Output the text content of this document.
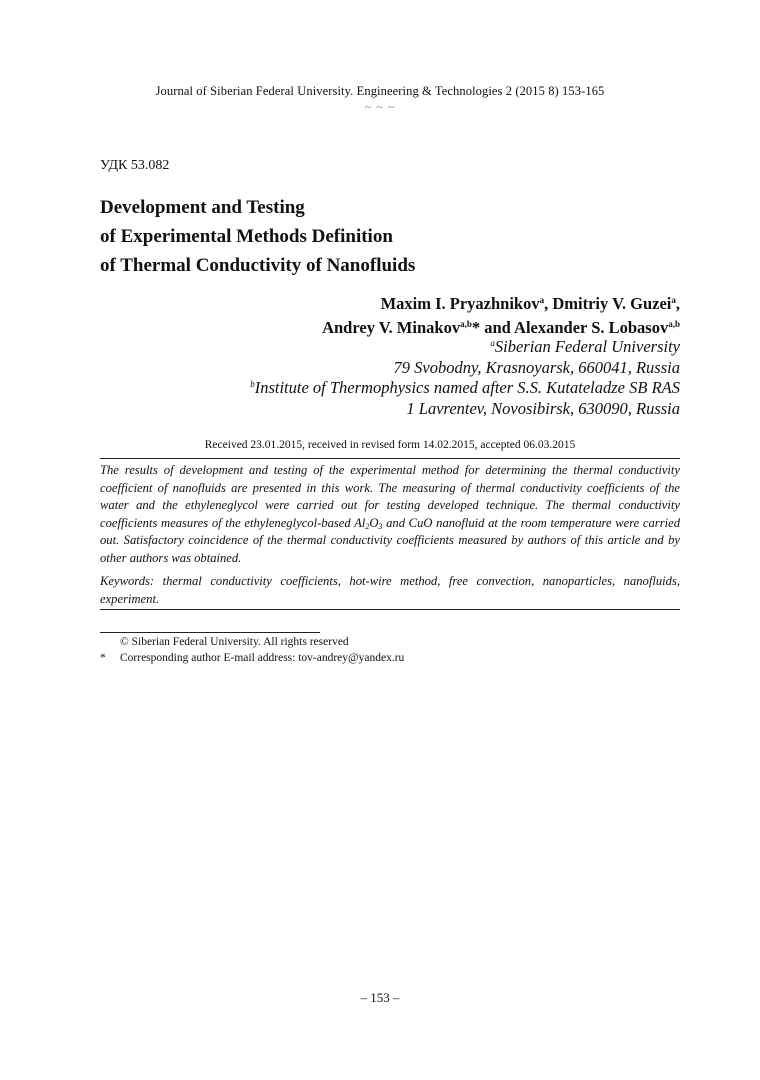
Journal of Siberian Federal University. Engineering & Technologies 2 (2015 8) 153-165
~ ~ ~
УДК 53.082
Development and Testing
of Experimental Methods Definition
of Thermal Conductivity of Nanofluids
Maxim I. Pryazhnikov$^a$, Dmitriy V. Guzei$^a$,
Andrey V. Minakov$^{a,b}$* and Alexander S. Lobasov$^{a,b}$
$^a$Siberian Federal University
79 Svobodny, Krasnoyarsk, 660041, Russia
$^b$Institute of Thermophysics named after S.S. Kutateladze SB RAS
1 Lavrentev, Novosibirsk, 630090, Russia
Received 23.01.2015, received in revised form 14.02.2015, accepted 06.03.2015

The results of development and testing of the experimental method for determining the thermal conductivity coefficient of nanofluids are presented in this work. The measuring of thermal conductivity coefficients of the water and the ethyleneglycol were carried out for testing developed technique. The thermal conductivity coefficients measures of the ethyleneglycol-based $Al_2O_3$ and CuO nanofluid at the room temperature were carried out. Satisfactory coincidence of the thermal conductivity coefficients measured by authors of this article and by other authors was obtained.

Keywords: thermal conductivity coefficients, hot-wire method, free convection, nanoparticles, nanofluids, experiment.

© Siberian Federal University. All rights reserved
* Corresponding author E-mail address: tov-andrey@yandex.ru
– 153 –
